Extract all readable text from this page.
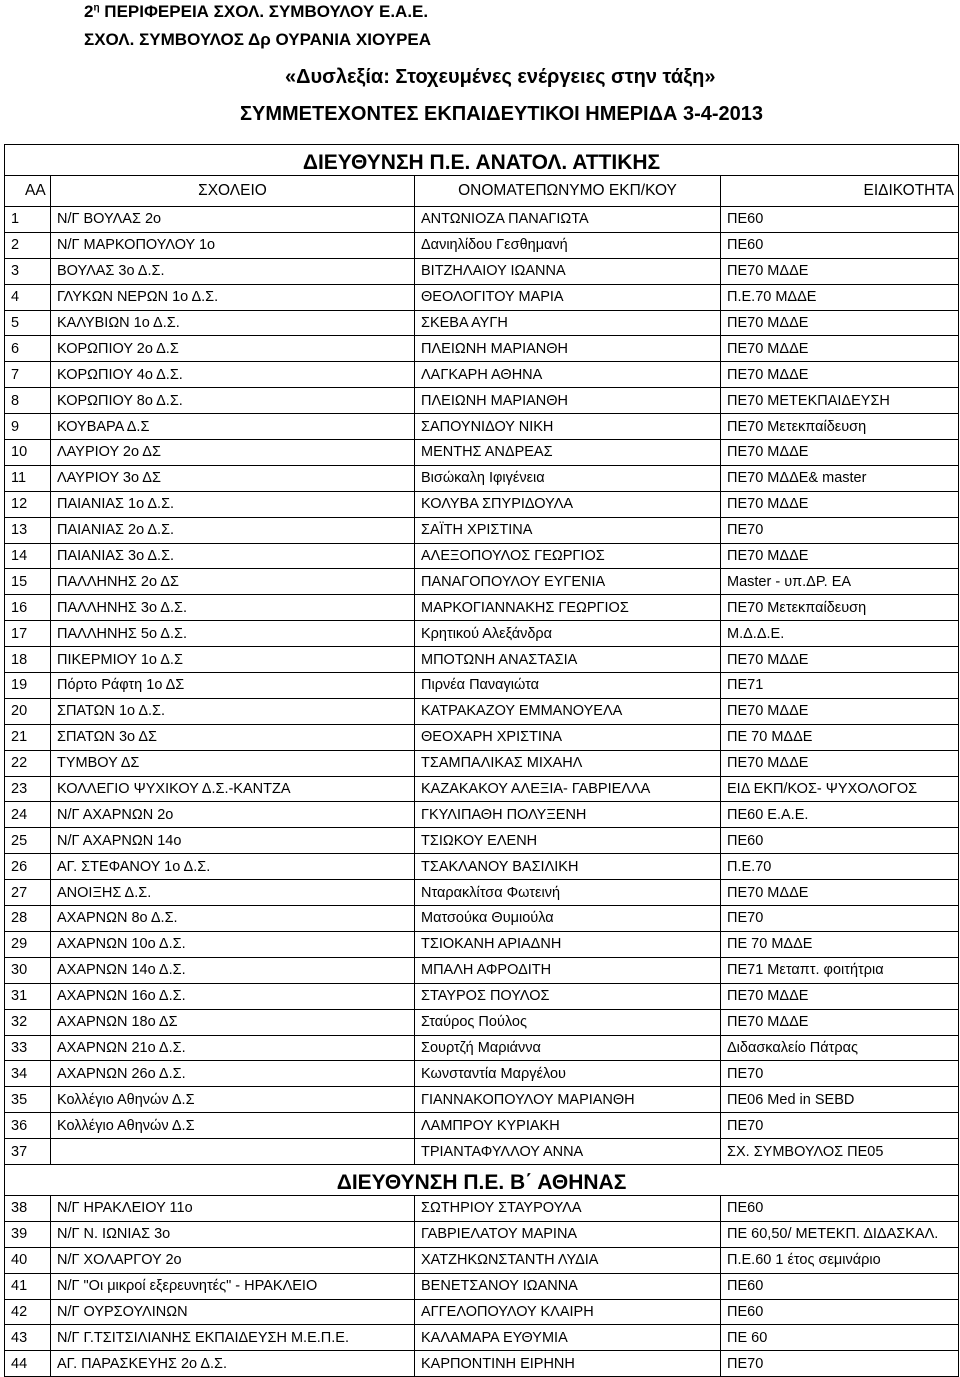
$2^\eta$ ΠΕΡΙΦΕΡΕΙΑ ΣΧΟΛ. ΣΥΜΒΟΥΛΟΥ Ε.Α.Ε.
ΣΧΟΛ. ΣΥΜΒΟΥΛΟΣ Δρ ΟΥΡΑΝΙΑ ΧΙΟΥΡΕΑ
«Δυσλεξία: Στοχευμένες ενέργειες στην τάξη»
ΣΥΜΜΕΤΕΧΟΝΤΕΣ ΕΚΠΑΙΔΕΥΤΙΚΟΙ ΗΜΕΡΙΔΑ 3-4-2013
ΔΙΕΥΘΥΝΣΗ Π.Ε. ΑΝΑΤΟΛ. ΑΤΤΙΚΗΣ			
ΑΑ	ΣΧΟΛΕΙΟ	ΟΝΟΜΑΤΕΠΩΝΥΜΟ ΕΚΠ/ΚΟΥ	ΕΙΔΙΚΟΤΗΤΑ
1	Ν/Γ ΒΟΥΛΑΣ 2ο	ΑΝΤΩΝΙΟΖΑ ΠΑΝΑΓΙΩΤΑ	ΠΕ60
2	Ν/Γ ΜΑΡΚΟΠΟΥΛΟΥ 1ο	Δανιηλίδου Γεσθημανή	ΠΕ60
3	ΒΟΥΛΑΣ 3ο Δ.Σ.	ΒΙΤΖΗΛΑΙΟΥ ΙΩΑΝΝΑ	ΠΕ70 ΜΔΔΕ
4	ΓΛΥΚΩΝ ΝΕΡΩΝ 1ο Δ.Σ.	ΘΕΟΛΟΓΙΤΟΥ ΜΑΡΙΑ	Π.Ε.70 ΜΔΔΕ
5	ΚΑΛΥΒΙΩΝ 1ο Δ.Σ.	ΣΚΕΒΑ ΑΥΓΗ	ΠΕ70 ΜΔΔΕ
6	ΚΟΡΩΠΙΟΥ 2ο Δ.Σ	ΠΛΕΙΩΝΗ ΜΑΡΙΑΝΘΗ	ΠΕ70 ΜΔΔΕ
7	ΚΟΡΩΠΙΟΥ 4ο Δ.Σ.	ΛΑΓΚΑΡΗ ΑΘΗΝΑ	ΠΕ70 ΜΔΔΕ
8	ΚΟΡΩΠΙΟΥ 8ο Δ.Σ.	ΠΛΕΙΩΝΗ ΜΑΡΙΑΝΘΗ	ΠΕ70 ΜΕΤΕΚΠΑΙΔΕΥΣΗ
9	ΚΟΥΒΑΡΑ Δ.Σ	ΣΑΠΟΥΝΙΔΟΥ ΝΙΚΗ	ΠΕ70 Μετεκπαίδευση
10	ΛΑΥΡΙΟΥ 2ο ΔΣ	ΜΕΝΤΗΣ ΑΝΔΡΕΑΣ	ΠΕ70 ΜΔΔΕ
11	ΛΑΥΡΙΟΥ 3ο ΔΣ	Βισώκαλη Ιφιγένεια	ΠΕ70 ΜΔΔΕ& master
12	ΠΑΙΑΝΙΑΣ 1ο Δ.Σ.	ΚΟΛΥΒΑ ΣΠΥΡΙΔΟΥΛΑ	ΠΕ70 ΜΔΔΕ
13	ΠΑΙΑΝΙΑΣ 2ο Δ.Σ.	ΣΑΪΤΗ ΧΡΙΣΤΙΝΑ	ΠΕ70
14	ΠΑΙΑΝΙΑΣ 3ο Δ.Σ.	ΑΛΕΞΟΠΟΥΛΟΣ ΓΕΩΡΓΙΟΣ	ΠΕ70 ΜΔΔΕ
15	ΠΑΛΛΗΝΗΣ 2ο ΔΣ	ΠΑΝΑΓΟΠΟΥΛΟΥ ΕΥΓΕΝΙΑ	Master - υπ.ΔΡ. ΕΑ
16	ΠΑΛΛΗΝΗΣ 3ο Δ.Σ.	ΜΑΡΚΟΓΙΑΝΝΑΚΗΣ ΓΕΩΡΓΙΟΣ	ΠΕ70 Μετεκπαίδευση
17	ΠΑΛΛΗΝΗΣ 5ο Δ.Σ.	Κρητικού Αλεξάνδρα	Μ.Δ.Δ.Ε.
18	ΠΙΚΕΡΜΙΟΥ 1ο Δ.Σ	ΜΠΟΤΩΝΗ ΑΝΑΣΤΑΣΙΑ	ΠΕ70 ΜΔΔΕ
19	Πόρτο Ράφτη 1ο ΔΣ	Πιρνέα Παναγιώτα	ΠΕ71
20	ΣΠΑΤΩΝ 1ο Δ.Σ.	ΚΑΤΡΑΚΑΖΟΥ ΕΜΜΑΝΟΥΕΛΑ	ΠΕ70 ΜΔΔΕ
21	ΣΠΑΤΩΝ 3ο ΔΣ	ΘΕΟΧΑΡΗ ΧΡΙΣΤΙΝΑ	ΠΕ 70 ΜΔΔΕ
22	ΤΥΜΒΟΥ ΔΣ	ΤΣΑΜΠΑΛΙΚΑΣ ΜΙΧΑΗΛ	ΠΕ70 ΜΔΔΕ
23	ΚΟΛΛΕΓΙΟ ΨΥΧΙΚΟΥ Δ.Σ.-ΚΑΝΤΖΑ	ΚΑΖΑΚΑΚΟΥ ΑΛΕΞΙΑ- ΓΑΒΡΙΕΛΛΑ	ΕΙΔ ΕΚΠ/ΚΟΣ- ΨΥΧΟΛΟΓΟΣ
24	Ν/Γ ΑΧΑΡΝΩΝ 2ο	ΓΚΥΛΙΠΑΘΗ ΠΟΛΥΞΕΝΗ	ΠΕ60 Ε.Α.Ε.
25	Ν/Γ ΑΧΑΡΝΩΝ 14ο	ΤΣΙΩΚΟΥ ΕΛΕΝΗ	ΠΕ60
26	ΑΓ. ΣΤΕΦΑΝΟΥ 1ο Δ.Σ.	ΤΣΑΚΛΑΝΟΥ ΒΑΣΙΛΙΚΗ	Π.Ε.70
27	ΑΝΟΙΞΗΣ Δ.Σ.	Νταρακλίτσα Φωτεινή	ΠΕ70 ΜΔΔΕ
28	ΑΧΑΡΝΩΝ 8ο Δ.Σ.	Ματσούκα Θυμιούλα	ΠΕ70
29	ΑΧΑΡΝΩΝ 10ο Δ.Σ.	ΤΣΙΟΚΑΝΗ ΑΡΙΑΔΝΗ	ΠΕ 70 ΜΔΔΕ
30	ΑΧΑΡΝΩΝ 14ο Δ.Σ.	ΜΠΑΛΗ ΑΦΡΟΔΙΤΗ	ΠΕ71 Μεταπτ. φοιτήτρια
31	ΑΧΑΡΝΩΝ 16ο Δ.Σ.	ΣΤΑΥΡΟΣ ΠΟΥΛΟΣ	ΠΕ70 ΜΔΔΕ
32	ΑΧΑΡΝΩΝ 18ο ΔΣ	Σταύρος Πούλος	ΠΕ70 ΜΔΔΕ
33	ΑΧΑΡΝΩΝ 21ο Δ.Σ.	Σουρτζή Μαριάννα	Διδασκαλείο Πάτρας
34	ΑΧΑΡΝΩΝ 26ο Δ.Σ.	Κωνσταντία Μαργέλου	ΠΕ70
35	Κολλέγιο Αθηνών Δ.Σ	ΓΙΑΝΝΑΚΟΠΟΥΛΟΥ ΜΑΡΙΑΝΘΗ	ΠΕ06 Med in SEBD
36	Κολλέγιο Αθηνών Δ.Σ	ΛΑΜΠΡΟΥ ΚΥΡΙΑΚΗ	ΠΕ70
37		ΤΡΙΑΝΤΑΦΥΛΛΟΥ ΑΝΝΑ	ΣΧ. ΣΥΜΒΟΥΛΟΣ ΠΕ05
ΔΙΕΥΘΥΝΣΗ Π.Ε. Β΄ ΑΘΗΝΑΣ			
38	Ν/Γ ΗΡΑΚΛΕΙΟΥ 11ο	ΣΩΤΗΡΙΟΥ ΣΤΑΥΡΟΥΛΑ	ΠΕ60
39	Ν/Γ Ν. ΙΩΝΙΑΣ 3ο	ΓΑΒΡΙΕΛΑΤΟΥ ΜΑΡΙΝΑ	ΠΕ 60,50/ ΜΕΤΕΚΠ. ΔΙΔΑΣΚΑΛ.
40	Ν/Γ ΧΟΛΑΡΓΟΥ 2ο	ΧΑΤΖΗΚΩΝΣΤΑΝΤΗ ΛΥΔΙΑ	Π.Ε.60 1 έτος σεμινάριο
41	Ν/Γ "Οι μικροί εξερευνητές" - ΗΡΑΚΛΕΙΟ	ΒΕΝΕΤΣΑΝΟΥ ΙΩΑΝΝΑ	ΠΕ60
42	Ν/Γ ΟΥΡΣΟΥΛΙΝΩΝ	ΑΓΓΕΛΟΠΟΥΛΟΥ ΚΛΑΙΡΗ	ΠΕ60
43	Ν/Γ Γ.ΤΣΙΤΣΙΛΙΑΝΗΣ ΕΚΠΑΙΔΕΥΣΗ Μ.Ε.Π.Ε.	ΚΑΛΑΜΑΡΑ ΕΥΘΥΜΙΑ	ΠΕ 60
44	ΑΓ. ΠΑΡΑΣΚΕΥΗΣ 2ο Δ.Σ.	ΚΑΡΠΟΝΤΙΝΗ ΕΙΡΗΝΗ	ΠΕ70
